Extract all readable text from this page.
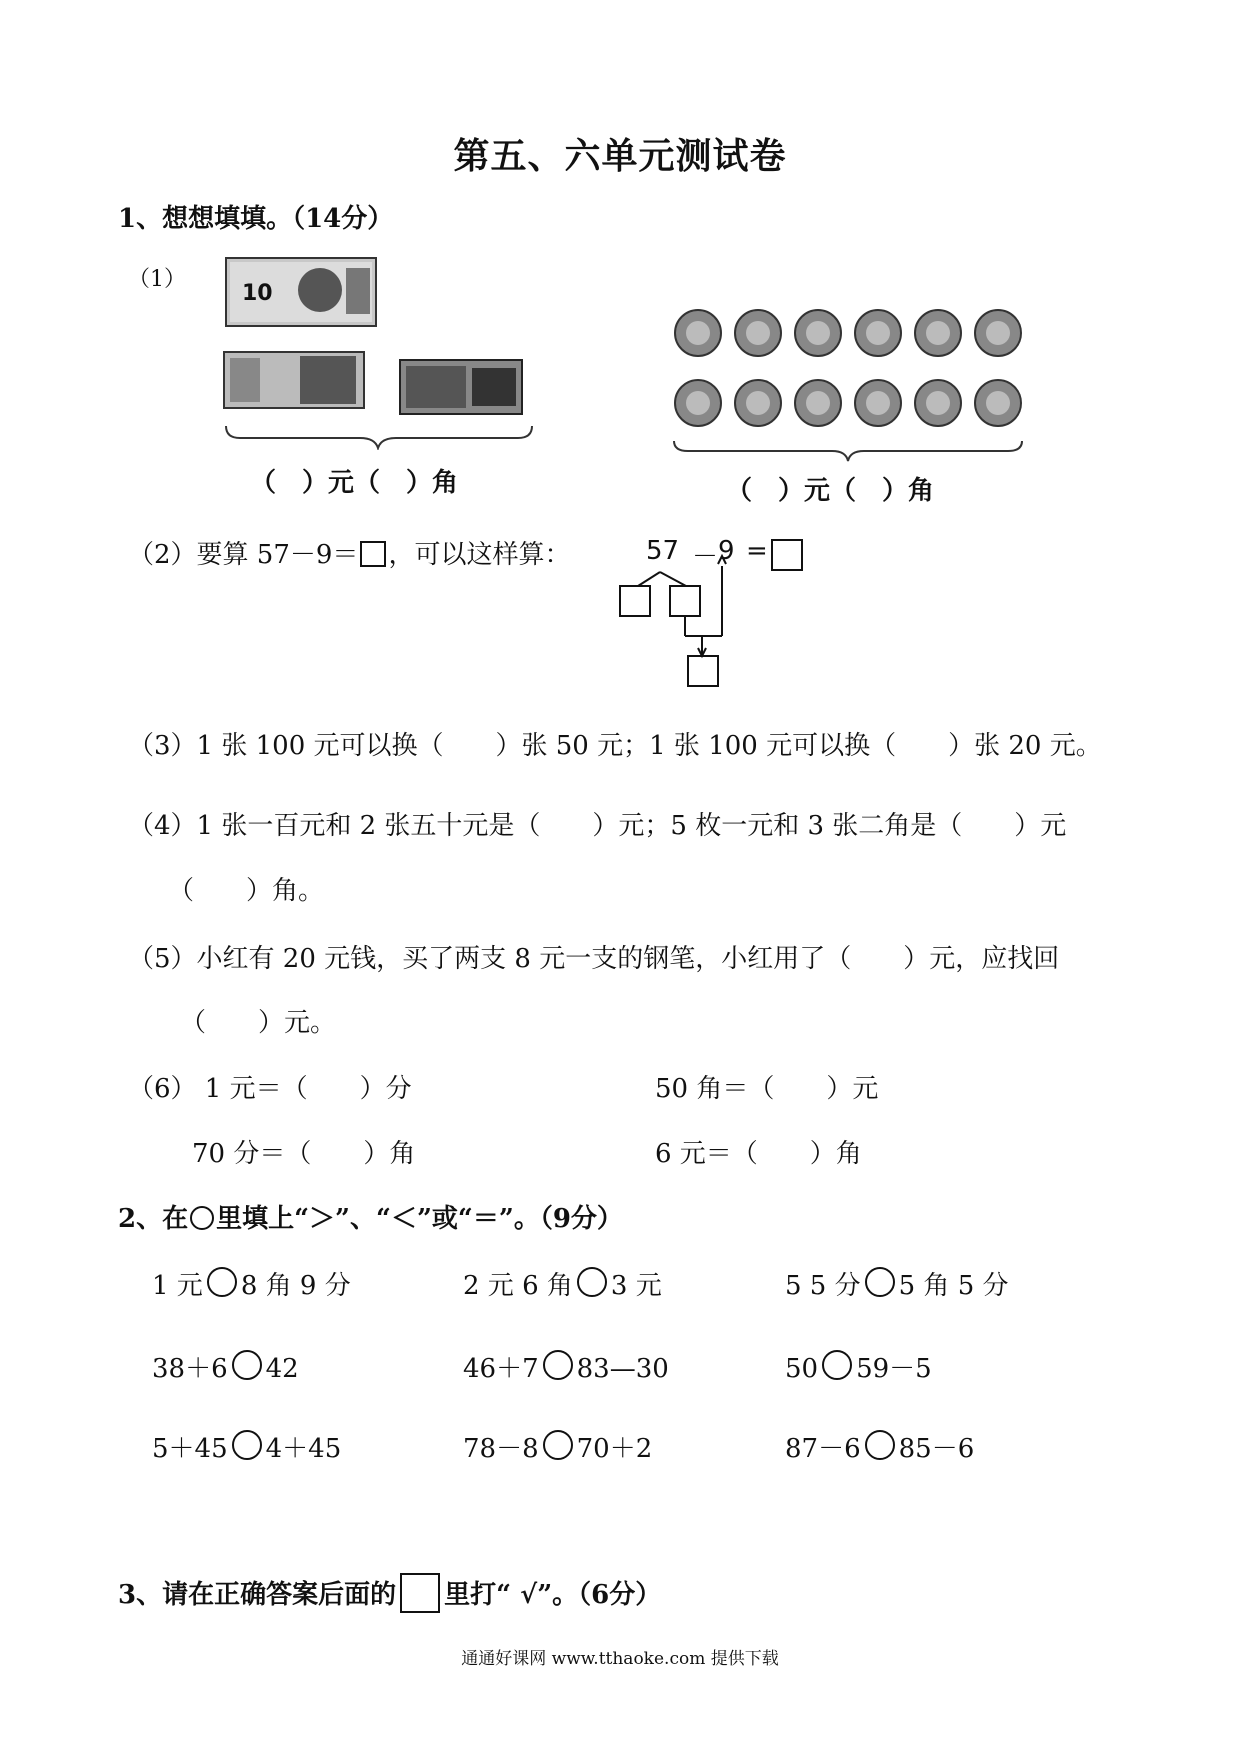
第五、六单元测试卷
1、想想填填。（14分）
（1）
10
（　）元（　）角	（　）元（　）角
（2）要算 57－9＝ ，可以这样算：	57 － 9 =
（3）1 张 100 元可以换（　　）张 50 元；1 张 100 元可以换（　　）张 20 元。
（4）1 张一百元和 2 张五十元是（　　）元；5 枚一元和 3 张二角是（　　）元
（　　）角。
（5）小红有 20 元钱，买了两支 8 元一支的钢笔，小红用了（　　）元，应找回
（　　）元。
（6） 1 元＝（　　）分	50 角＝（　　）元
70 分＝（　　）角	6 元＝（　　）角
2、在 里填上“＞”、“＜”或“＝”。（9分）
1 元 8 角 9 分	2 元 6 角 3 元	5 5 分 5 角 5 分
38＋6 42	46＋7 83—30	50 59－5
5＋45 4＋45	78－8 70＋2	87－6 85－6
3、请在正确答案后面的 里打“ √”。（6分）
通通好课网 www.tthaoke.com 提供下载
